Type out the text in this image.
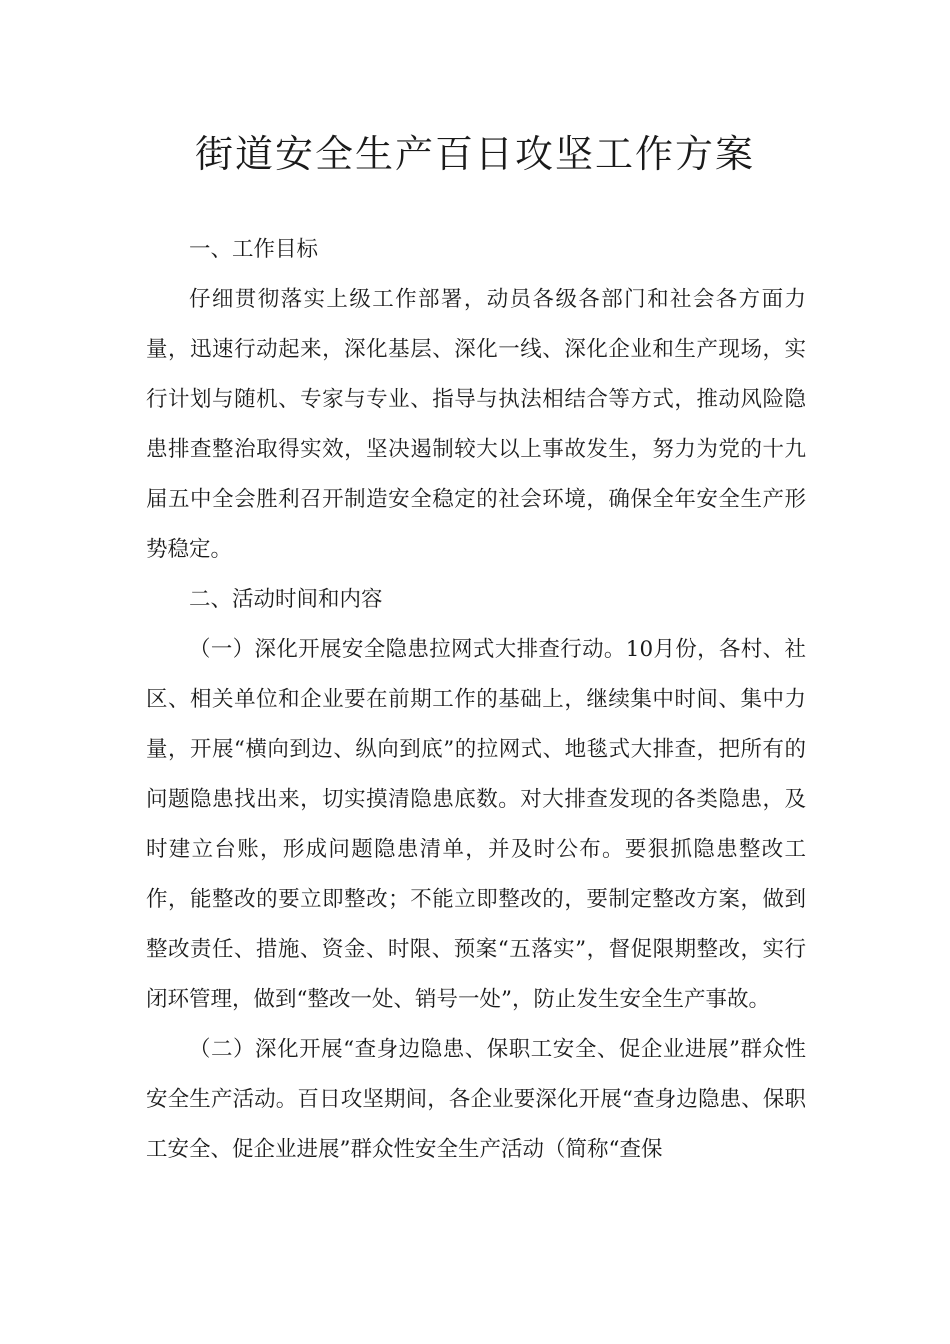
街道安全生产百日攻坚工作方案

一、工作目标

仔细贯彻落实上级工作部署，动员各级各部门和社会各方面力量，迅速行动起来，深化基层、深化一线、深化企业和生产现场，实行计划与随机、专家与专业、指导与执法相结合等方式，推动风险隐患排查整治取得实效，坚决遏制较大以上事故发生，努力为党的十九届五中全会胜利召开制造安全稳定的社会环境，确保全年安全生产形势稳定。

二、活动时间和内容

（一）深化开展安全隐患拉网式大排查行动。10月份，各村、社区、相关单位和企业要在前期工作的基础上，继续集中时间、集中力量，开展“横向到边、纵向到底”的拉网式、地毯式大排查，把所有的问题隐患找出来，切实摸清隐患底数。对大排查发现的各类隐患，及时建立台账，形成问题隐患清单，并及时公布。要狠抓隐患整改工作，能整改的要立即整改；不能立即整改的，要制定整改方案，做到整改责任、措施、资金、时限、预案“五落实”，督促限期整改，实行闭环管理，做到“整改一处、销号一处”，防止发生安全生产事故。

（二）深化开展“查身边隐患、保职工安全、促企业进展”群众性安全生产活动。百日攻坚期间，各企业要深化开展“查身边隐患、保职工安全、促企业进展”群众性安全生产活动（简称“查保
